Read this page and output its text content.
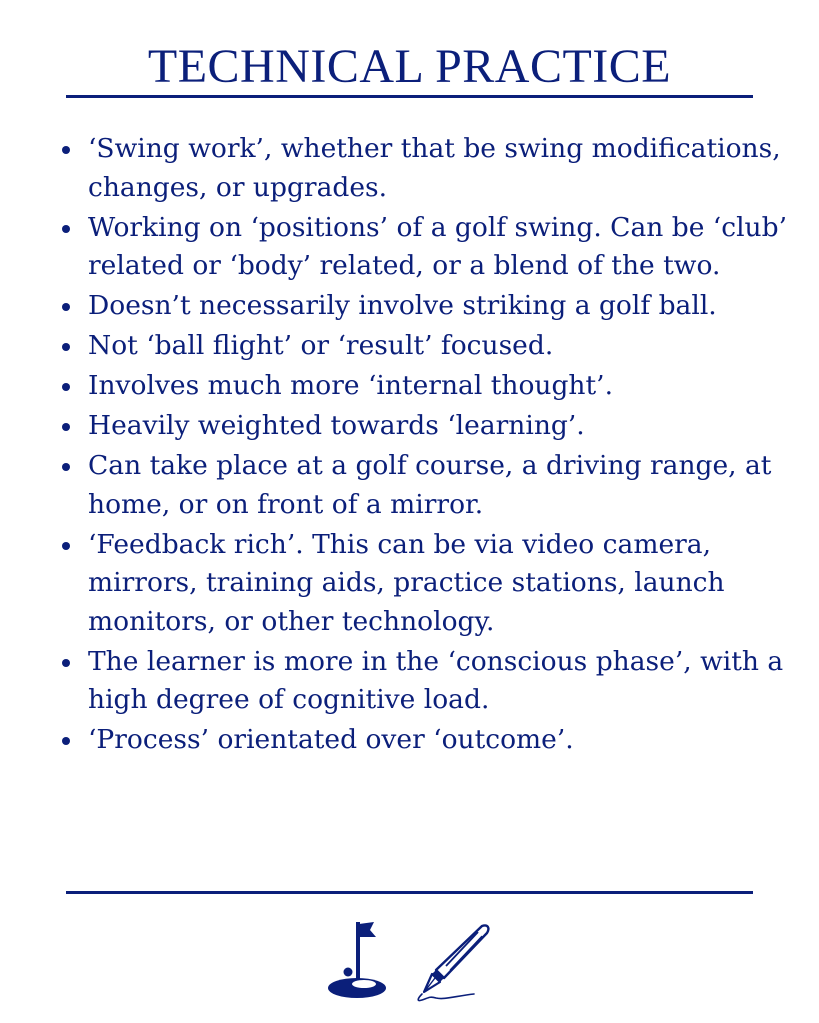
TECHNICAL PRACTICE
‘Swing work’, whether that be swing modifications, changes, or upgrades.
Working on ‘positions’ of a golf swing. Can be ‘club’ related or ‘body’ related, or a blend of the two.
Doesn’t necessarily involve striking a golf ball.
Not ‘ball flight’ or ‘result’ focused.
Involves much more ‘internal thought’.
Heavily weighted towards ‘learning’.
Can take place at a golf course, a driving range, at home, or on front of a mirror.
‘Feedback rich’. This can be via video camera, mirrors, training aids, practice stations, launch monitors, or other technology.
The learner is more in the ‘conscious phase’, with a high degree of cognitive load.
‘Process’ orientated over ‘outcome’.
